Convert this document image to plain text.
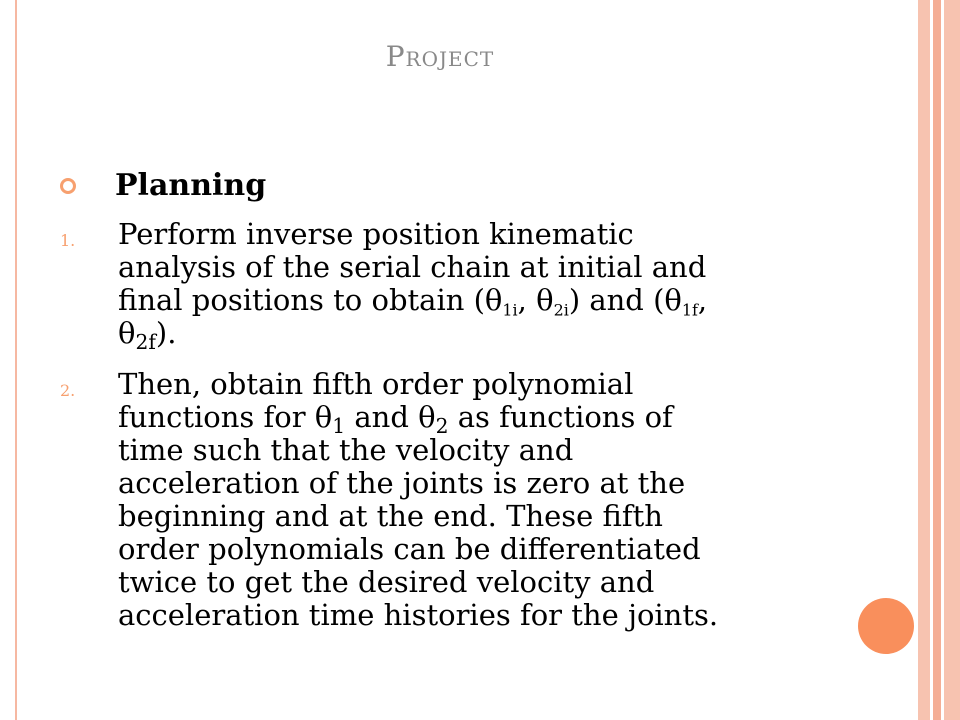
Project
Planning
1. Perform inverse position kinematic
analysis of the serial chain at initial and
final positions to obtain ($\theta_{1i}$, $\theta_{2i}$) and ($\theta_{1f}$,
$\theta_{2f}$).
2. Then, obtain fifth order polynomial
functions for $\theta_1$ and $\theta_2$ as functions of
time such that the velocity and
acceleration of the joints is zero at the
beginning and at the end. These fifth
order polynomials can be differentiated
twice to get the desired velocity and
acceleration time histories for the joints.
